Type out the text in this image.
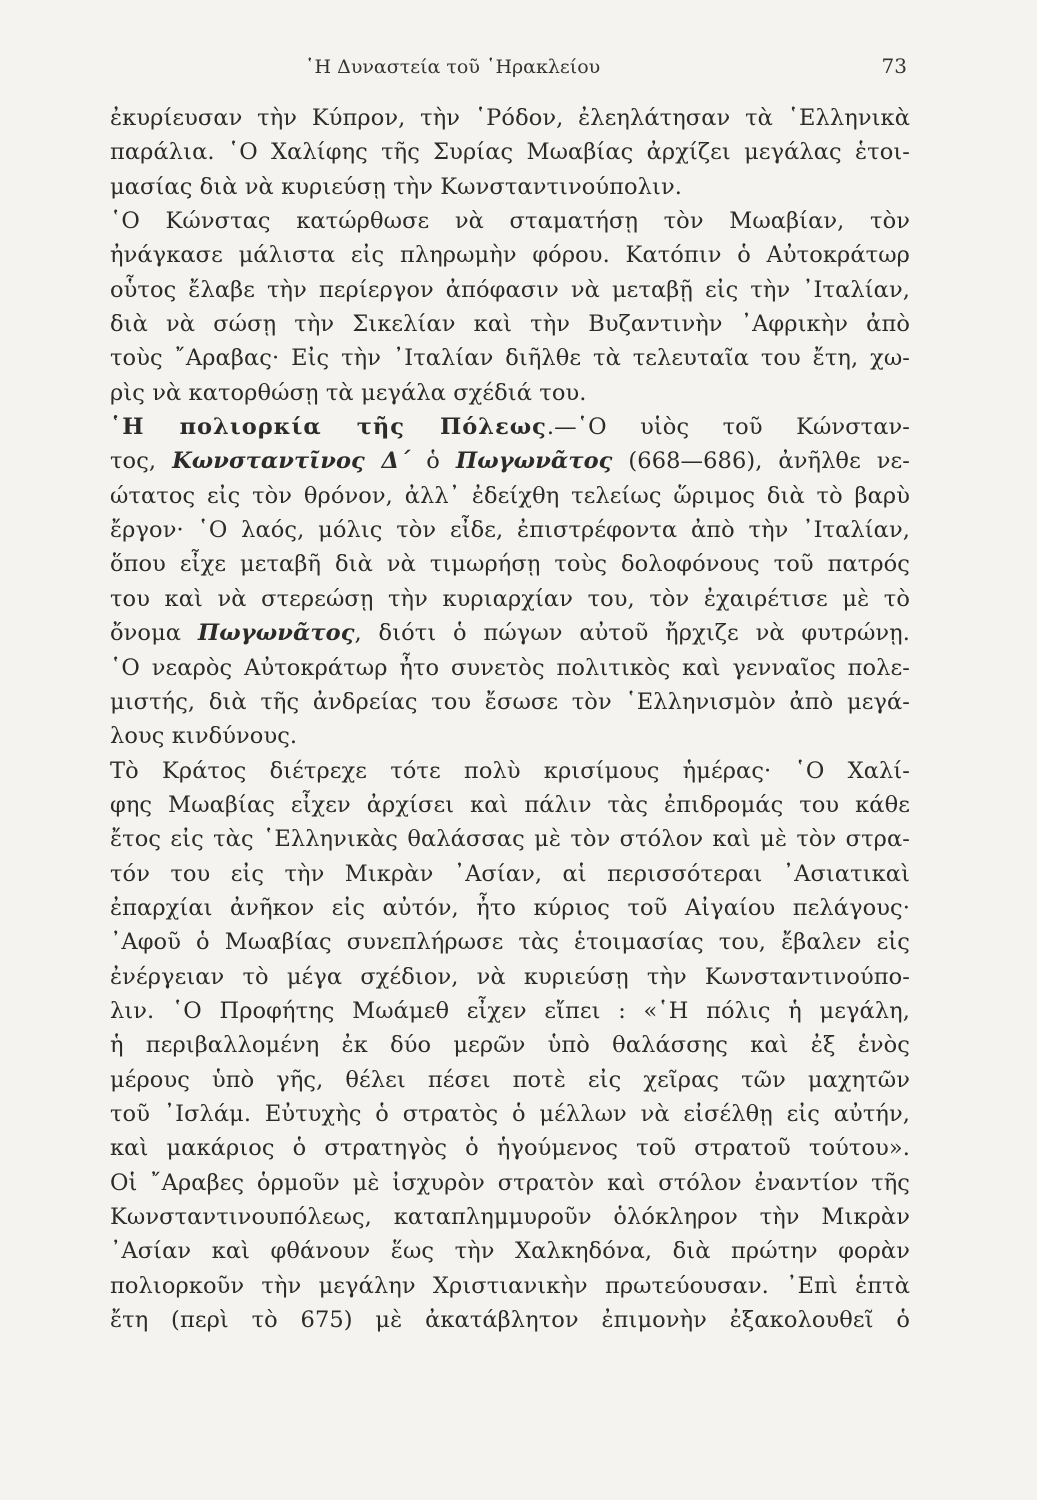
῾Η Δυναστεία τοῦ ῾Ηρακλείου	73
ἐκυρίευσαν τὴν Κύπρον, τὴν ῾Ρόδον, ἐλεηλάτησαν τὰ ῾Ελληνικὰ
παράλια. ῾Ο Χαλίφης τῆς Συρίας Μωαβίας ἀρχίζει μεγάλας ἑτοι-
μασίας διὰ νὰ κυριεύσῃ τὴν Κωνσταντινούπολιν.
῾Ο Κώνστας κατώρθωσε νὰ σταματήσῃ τὸν Μωαβίαν, τὸν
ἠνάγκασε μάλιστα εἰς πληρωμὴν φόρου. Κατόπιν ὁ Αὐτοκράτωρ
οὗτος ἔλαβε τὴν περίεργον ἀπόφασιν νὰ μεταβῇ εἰς τὴν ᾿Ιταλίαν,
διὰ νὰ σώσῃ τὴν Σικελίαν καὶ τὴν Βυζαντινὴν ᾿Αφρικὴν ἀπὸ
τοὺς ῎Αραβας· Εἰς τὴν ᾿Ιταλίαν διῆλθε τὰ τελευταῖα του ἔτη, χω-
ρὶς νὰ κατορθώσῃ τὰ μεγάλα σχέδιά του.
῾Η πολιορκία τῆς Πόλεως.—῾Ο υἱὸς τοῦ Κώνσταν-
τος, Κωνσταντῖνος Δ΄ ὁ Πωγωνᾶτος (668—686), ἀνῆλθε νε-
ώτατος εἰς τὸν θρόνον, ἀλλ᾿ ἐδείχθη τελείως ὥριμος διὰ τὸ βαρὺ
ἔργον· ῾Ο λαός, μόλις τὸν εἶδε, ἐπιστρέφοντα ἀπὸ τὴν ᾿Ιταλίαν,
ὅπου εἶχε μεταβῆ διὰ νὰ τιμωρήσῃ τοὺς δολοφόνους τοῦ πατρός
του καὶ νὰ στερεώσῃ τὴν κυριαρχίαν του, τὸν ἐχαιρέτισε μὲ τὸ
ὄνομα Πωγωνᾶτος, διότι ὁ πώγων αὐτοῦ ἤρχιζε νὰ φυτρώνῃ.
῾Ο νεαρὸς Αὐτοκράτωρ ἦτο συνετὸς πολιτικὸς καὶ γενναῖος πολε-
μιστής, διὰ τῆς ἀνδρείας του ἔσωσε τὸν ῾Ελληνισμὸν ἀπὸ μεγά-
λους κινδύνους.
Τὸ Κράτος διέτρεχε τότε πολὺ κρισίμους ἡμέρας· ῾Ο Χαλί-
φης Μωαβίας εἶχεν ἀρχίσει καὶ πάλιν τὰς ἐπιδρομάς του κάθε
ἔτος εἰς τὰς ῾Ελληνικὰς θαλάσσας μὲ τὸν στόλον καὶ μὲ τὸν στρα-
τόν του εἰς τὴν Μικρὰν ᾿Ασίαν, αἱ περισσότεραι ᾿Ασιατικαὶ
ἐπαρχίαι ἀνῆκον εἰς αὐτόν, ἦτο κύριος τοῦ Αἰγαίου πελάγους·
᾿Αφοῦ ὁ Μωαβίας συνεπλήρωσε τὰς ἑτοιμασίας του, ἔβαλεν εἰς
ἐνέργειαν τὸ μέγα σχέδιον, νὰ κυριεύσῃ τὴν Κωνσταντινούπο-
λιν. ῾Ο Προφήτης Μωάμεθ εἶχεν εἴπει : «῾Η πόλις ἡ μεγάλη,
ἡ περιβαλλομένη ἐκ δύο μερῶν ὑπὸ θαλάσσης καὶ ἐξ ἑνὸς
μέρους ὑπὸ γῆς, θέλει πέσει ποτὲ εἰς χεῖρας τῶν μαχητῶν
τοῦ ᾿Ισλάμ. Εὐτυχὴς ὁ στρατὸς ὁ μέλλων νὰ εἰσέλθῃ εἰς αὐτήν,
καὶ μακάριος ὁ στρατηγὸς ὁ ἡγούμενος τοῦ στρατοῦ τούτου».
Οἱ ῎Αραβες ὁρμοῦν μὲ ἰσχυρὸν στρατὸν καὶ στόλον ἐναντίον τῆς
Κωνσταντινουπόλεως, καταπλημμυροῦν ὁλόκληρον τὴν Μικρὰν
᾿Ασίαν καὶ φθάνουν ἕως τὴν Χαλκηδόνα, διὰ πρώτην φορὰν
πολιορκοῦν τὴν μεγάλην Χριστιανικὴν πρωτεύουσαν. ᾿Επὶ ἑπτὰ
ἔτη (περὶ τὸ 675) μὲ ἀκατάβλητον ἐπιμονὴν ἐξακολουθεῖ ὁ
